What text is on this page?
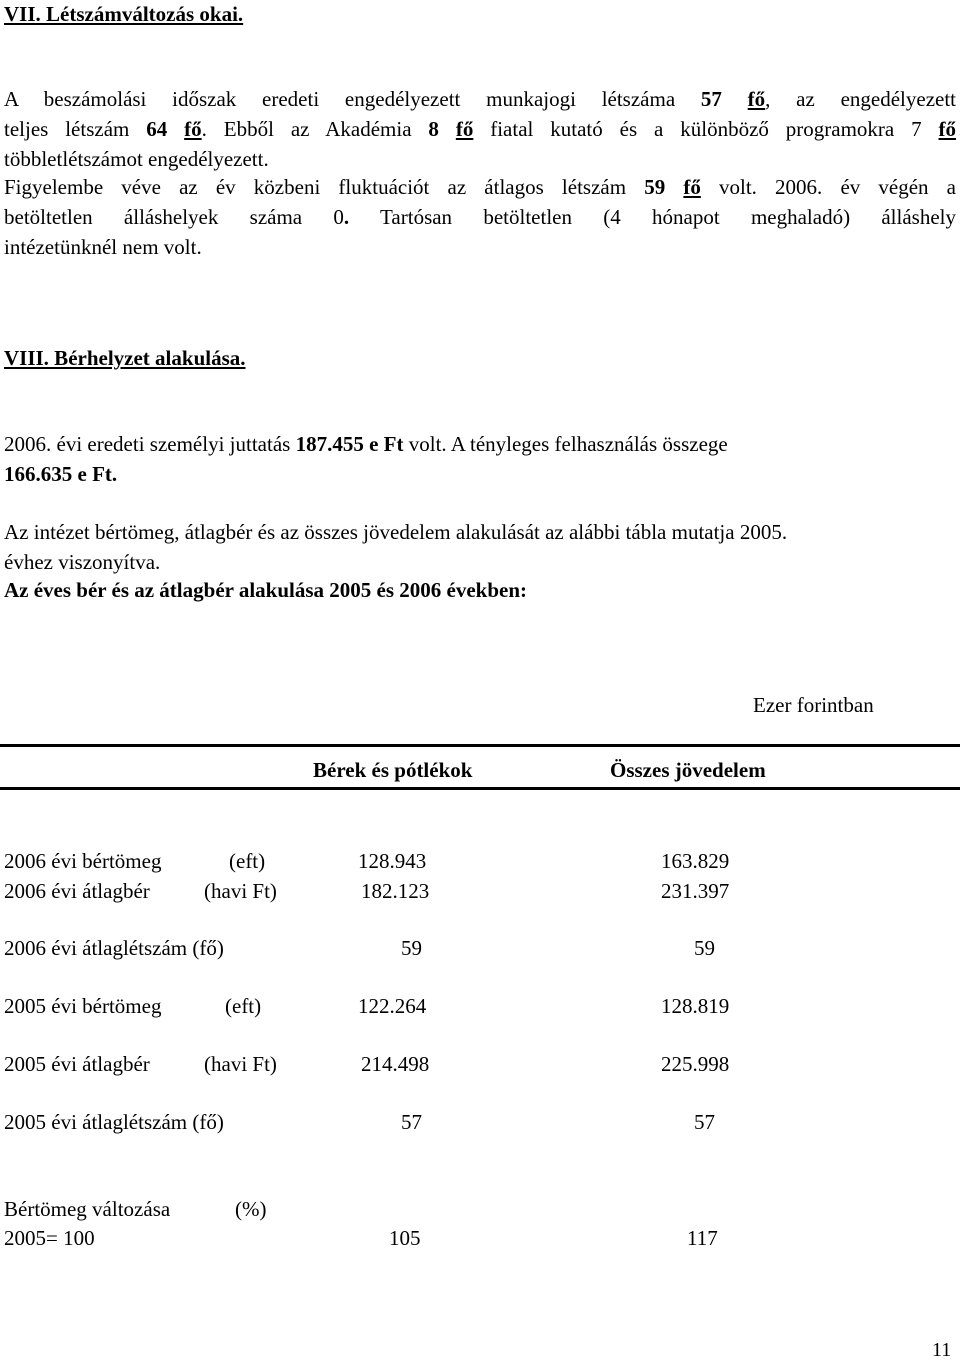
VII. Létszámváltozás okai.
A beszámolási időszak eredeti engedélyezett munkajogi létszáma 57 fő, az engedélyezett
teljes létszám 64 fő. Ebből az Akadémia 8 fő fiatal kutató és a különböző programokra 7 fő
többletlétszámot engedélyezett.
Figyelembe véve az év közbeni fluktuációt az átlagos létszám 59 fő volt. 2006. év végén a
betöltetlen álláshelyek száma 0. Tartósan betöltetlen (4 hónapot meghaladó) álláshely
intézetünknél nem volt.
VIII. Bérhelyzet alakulása.
2006. évi eredeti személyi juttatás 187.455 e Ft volt. A tényleges felhasználás összege
166.635 e Ft.
Az intézet bértömeg, átlagbér és az összes jövedelem alakulását az alábbi tábla mutatja 2005.
évhez viszonyítva.
Az éves bér és az átlagbér alakulása 2005 és 2006 években:
Ezer forintban
Bérek és pótlékok	Összes jövedelem
2006 évi bértömeg	(eft)	128.943	163.829
2006 évi átlagbér	(havi Ft)	182.123	231.397
2006 évi átlaglétszám (fő)	59	59
2005 évi bértömeg	(eft)	122.264	128.819
2005 évi átlagbér	(havi Ft)	214.498	225.998
2005 évi átlaglétszám (fő)	57	57
Bértömeg változása	(%)
2005= 100	105	117
11
